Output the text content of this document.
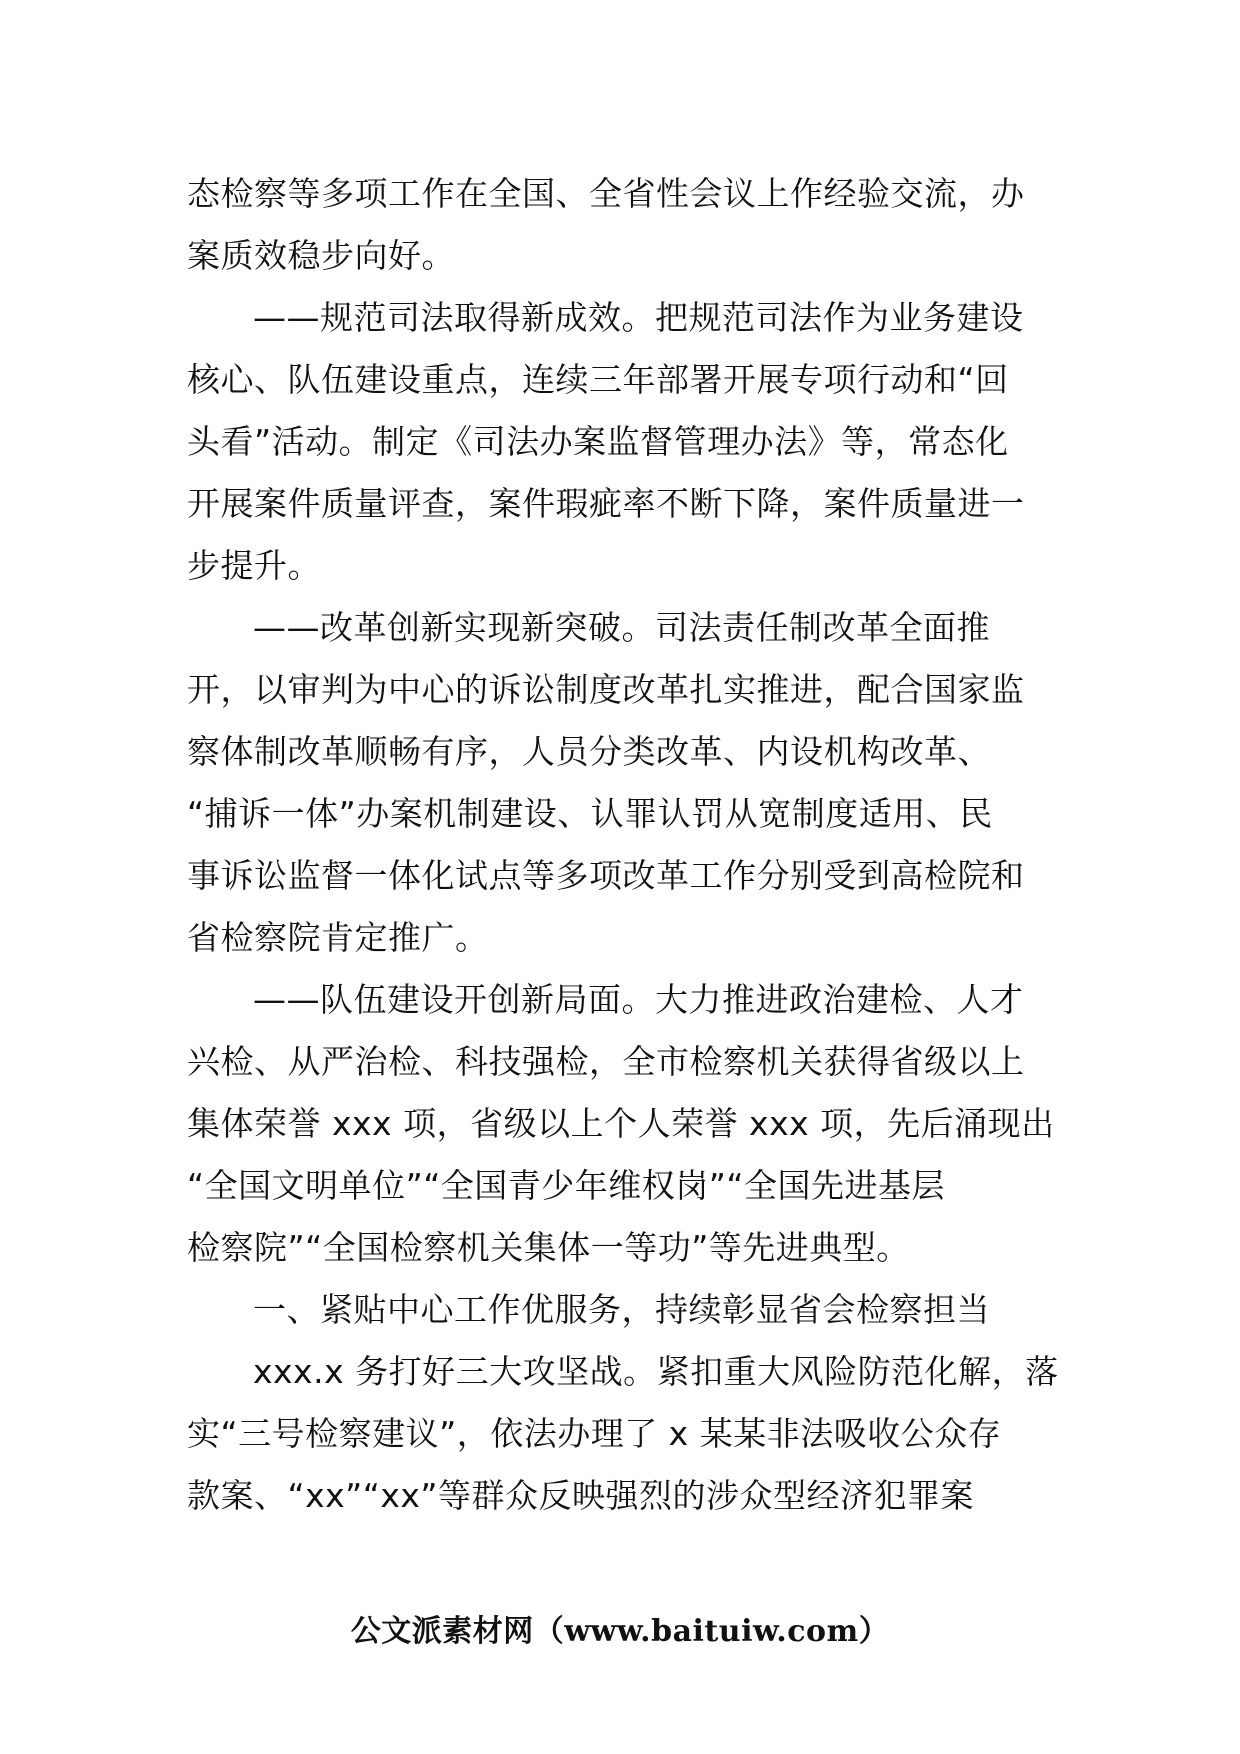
态检察等多项工作在全国、全省性会议上作经验交流，办
案质效稳步向好。
——规范司法取得新成效。把规范司法作为业务建设
核心、队伍建设重点，连续三年部署开展专项行动和“回
头看”活动。制定《司法办案监督管理办法》等，常态化
开展案件质量评查，案件瑕疵率不断下降，案件质量进一
步提升。
——改革创新实现新突破。司法责任制改革全面推
开，以审判为中心的诉讼制度改革扎实推进，配合国家监
察体制改革顺畅有序，人员分类改革、内设机构改革、
“捕诉一体”办案机制建设、认罪认罚从宽制度适用、民
事诉讼监督一体化试点等多项改革工作分别受到高检院和
省检察院肯定推广。
——队伍建设开创新局面。大力推进政治建检、人才
兴检、从严治检、科技强检，全市检察机关获得省级以上
集体荣誉 xxx 项，省级以上个人荣誉 xxx 项，先后涌现出
“全国文明单位”“全国青少年维权岗”“全国先进基层
检察院”“全国检察机关集体一等功”等先进典型。
一、紧贴中心工作优服务，持续彰显省会检察担当
xxx.x 务打好三大攻坚战。紧扣重大风险防范化解，落
实“三号检察建议”，依法办理了 x 某某非法吸收公众存
款案、“xx”“xx”等群众反映强烈的涉众型经济犯罪案
公文派素材网（www.baituiw.com）
